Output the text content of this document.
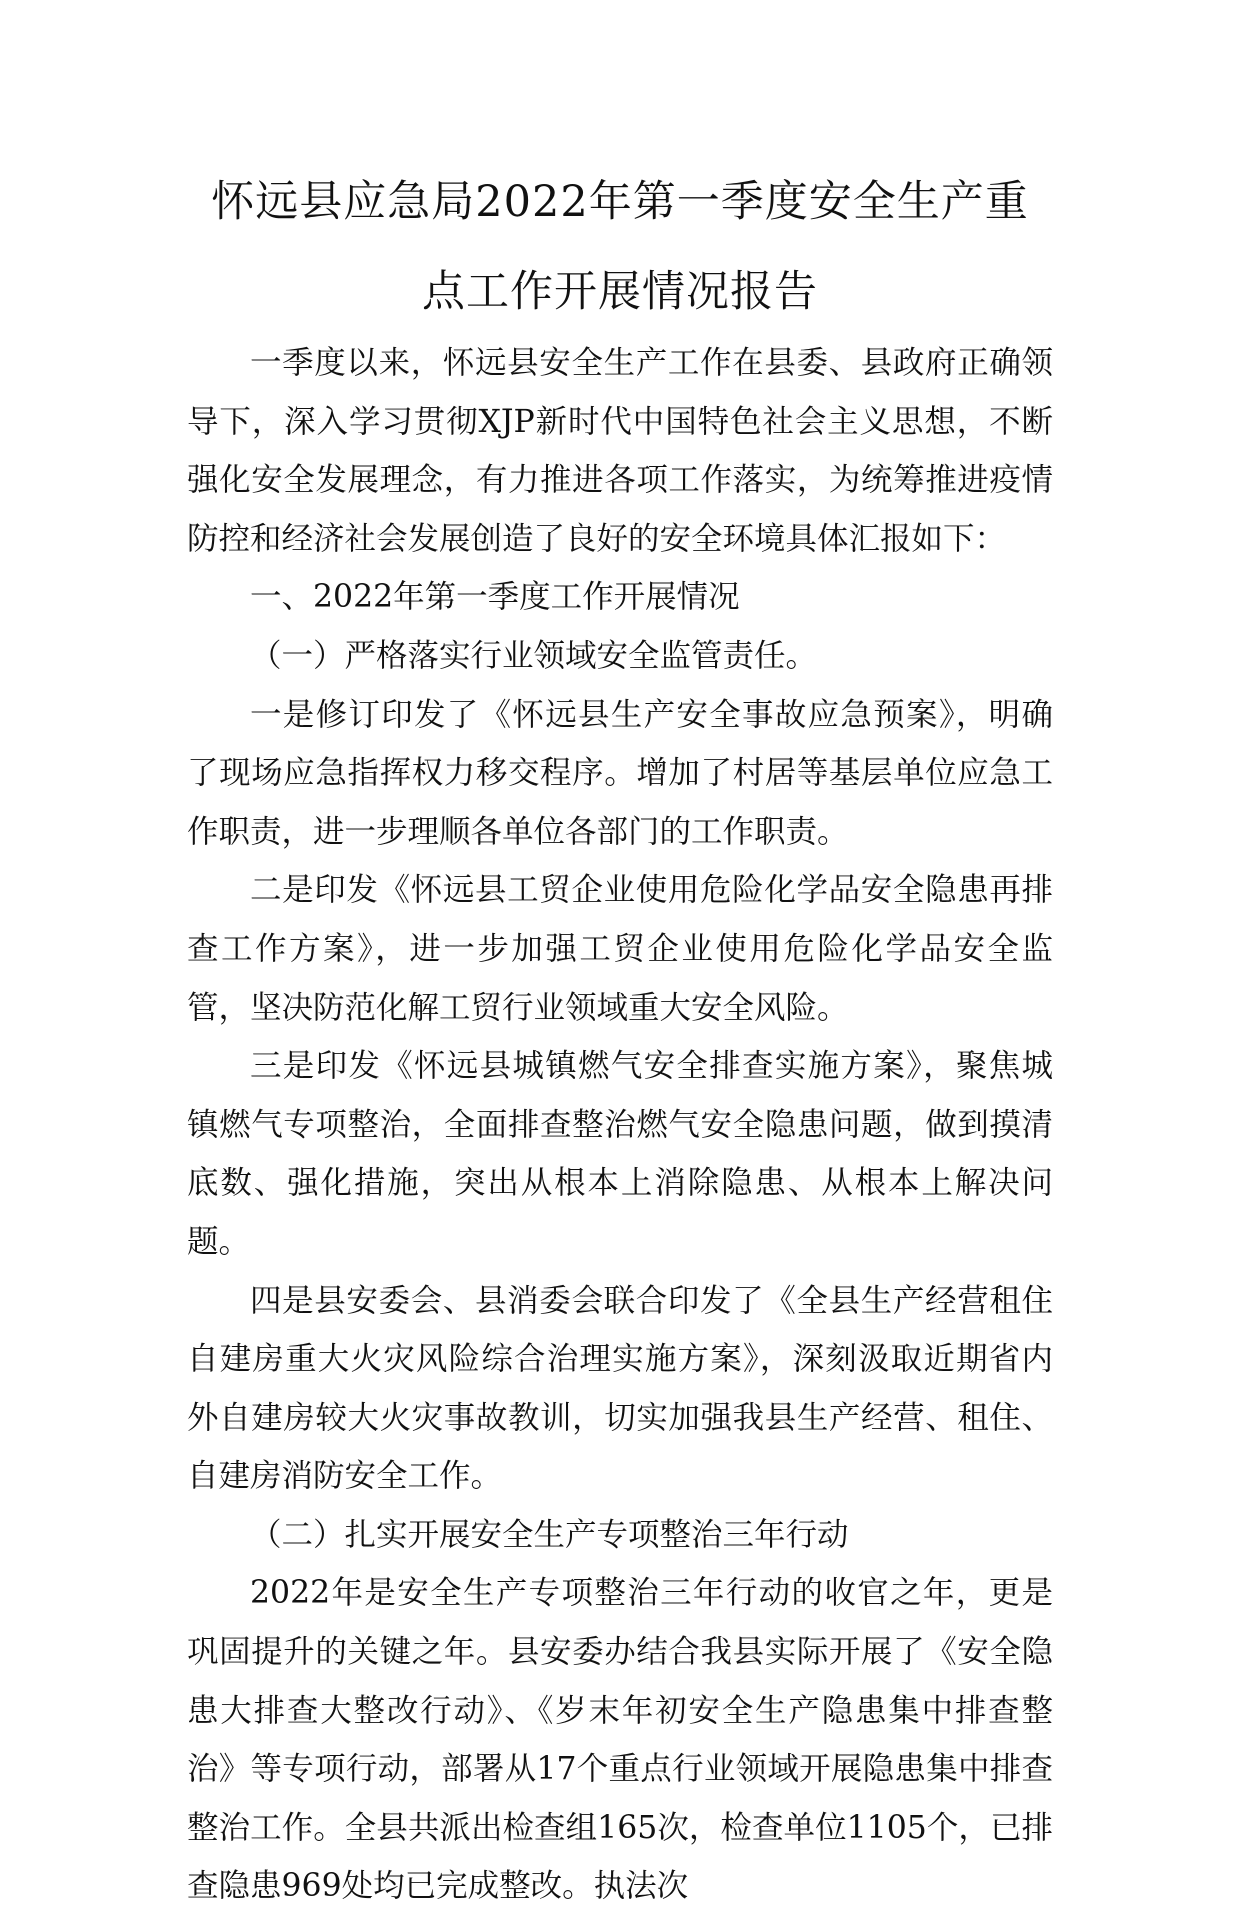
怀远县应急局2022年第一季度安全生产重
点工作开展情况报告

一季度以来，怀远县安全生产工作在县委、县政府正确领导下，深入学习贯彻XJP新时代中国特色社会主义思想，不断强化安全发展理念，有力推进各项工作落实，为统筹推进疫情防控和经济社会发展创造了良好的安全环境具体汇报如下：

一、2022年第一季度工作开展情况

（一）严格落实行业领域安全监管责任。

一是修订印发了《怀远县生产安全事故应急预案》，明确了现场应急指挥权力移交程序。增加了村居等基层单位应急工作职责，进一步理顺各单位各部门的工作职责。

二是印发《怀远县工贸企业使用危险化学品安全隐患再排查工作方案》，进一步加强工贸企业使用危险化学品安全监管，坚决防范化解工贸行业领域重大安全风险。

三是印发《怀远县城镇燃气安全排查实施方案》，聚焦城镇燃气专项整治，全面排查整治燃气安全隐患问题，做到摸清底数、强化措施，突出从根本上消除隐患、从根本上解决问题。

四是县安委会、县消委会联合印发了《全县生产经营租住自建房重大火灾风险综合治理实施方案》，深刻汲取近期省内外自建房较大火灾事故教训，切实加强我县生产经营、租住、自建房消防安全工作。

（二）扎实开展安全生产专项整治三年行动

2022年是安全生产专项整治三年行动的收官之年，更是巩固提升的关键之年。县安委办结合我县实际开展了《安全隐患大排查大整改行动》、《岁末年初安全生产隐患集中排查整治》等专项行动，部署从17个重点行业领域开展隐患集中排查整治工作。全县共派出检查组165次，检查单位1105个，已排查隐患969处均已完成整改。执法次
